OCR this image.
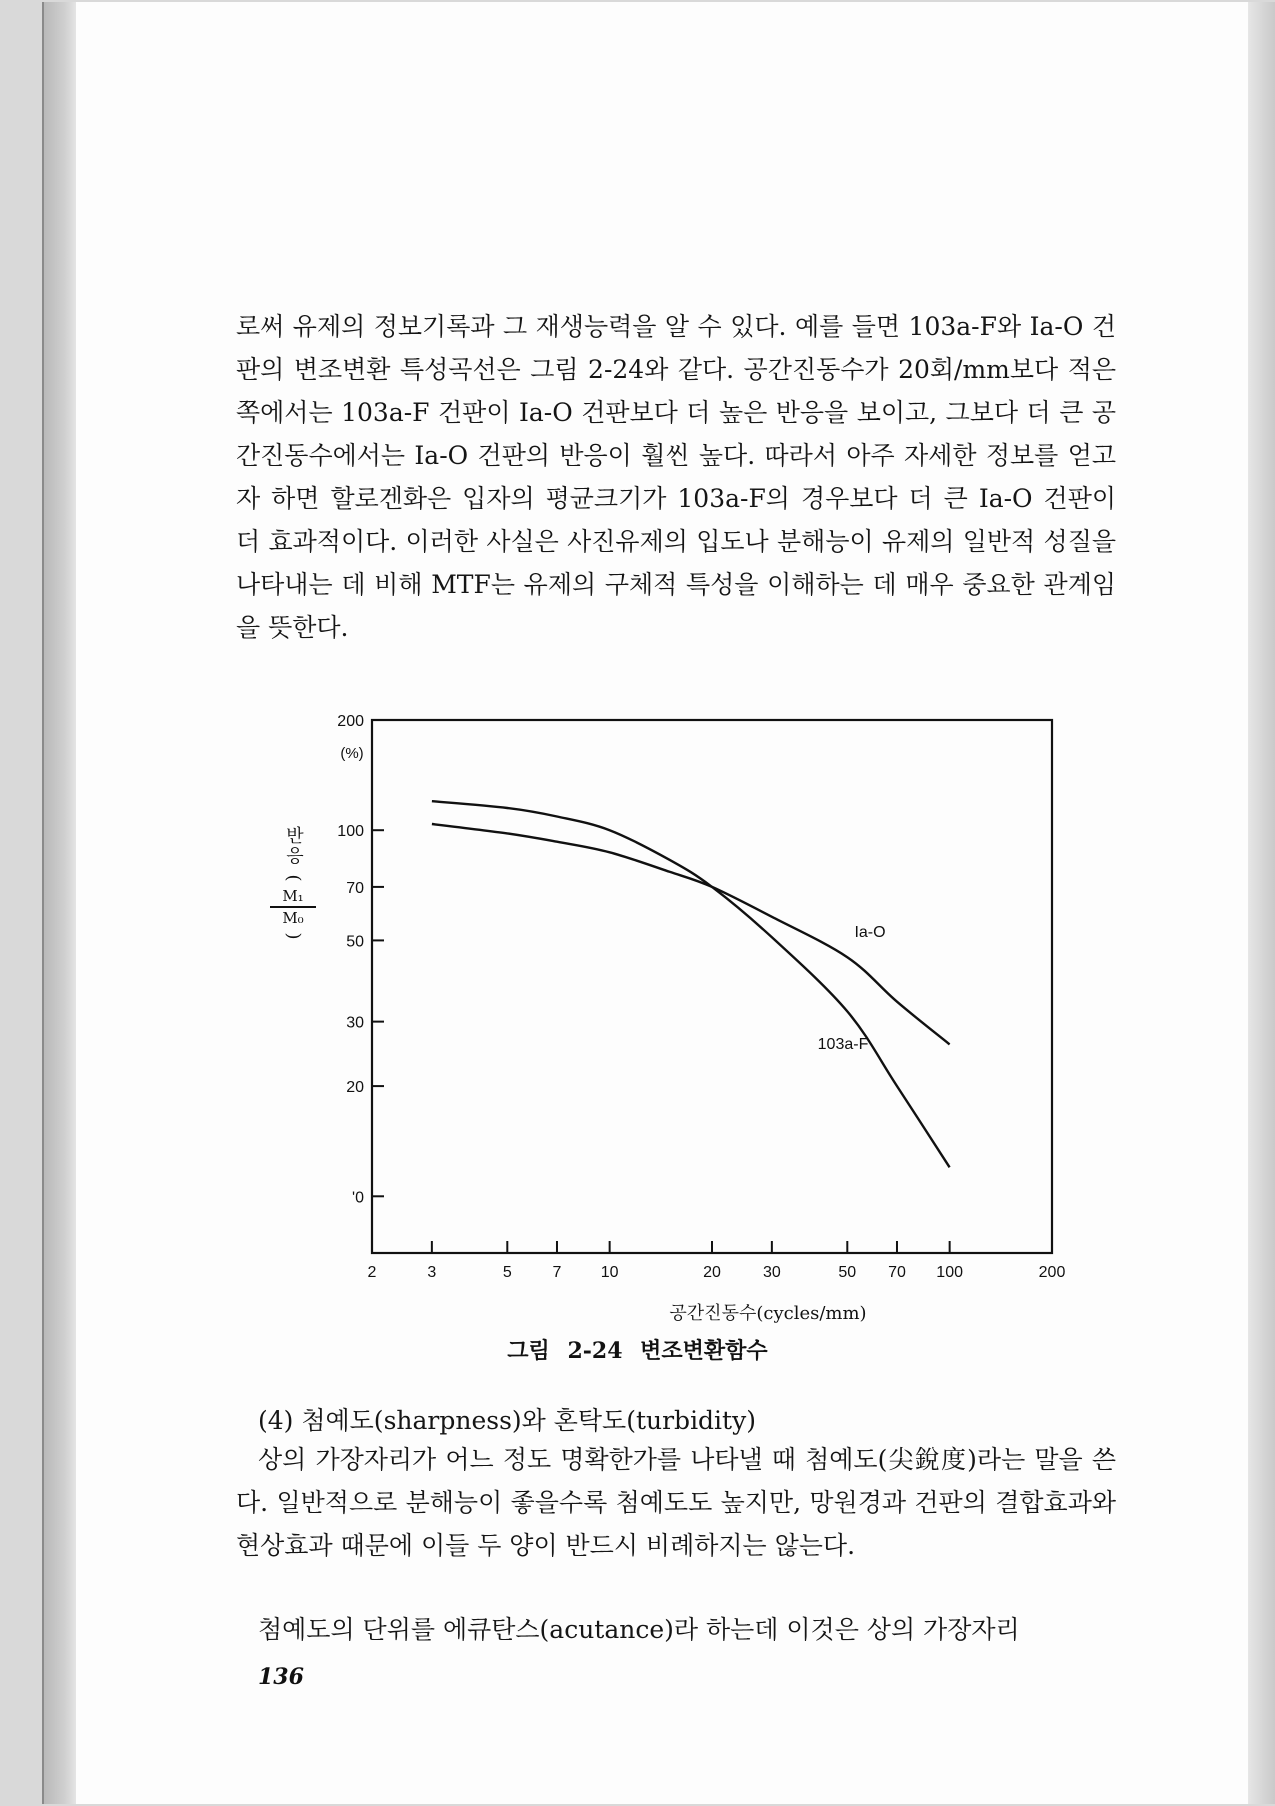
로써 유제의 정보기록과 그 재생능력을 알 수 있다. 예를 들면 103a-F와 Ia-O 건판의 변조변환 특성곡선은 그림 2-24와 같다. 공간진동수가 20회/mm보다 적은 쪽에서는 103a-F 건판이 Ia-O 건판보다 더 높은 반응을 보이고, 그보다 더 큰 공간진동수에서는 Ia-O 건판의 반응이 훨씬 높다. 따라서 아주 자세한 정보를 얻고자 하면 할로겐화은 입자의 평균크기가 103a-F의 경우보다 더 큰 Ia-O 건판이 더 효과적이다. 이러한 사실은 사진유제의 입도나 분해능이 유제의 일반적 성질을 나타내는 데 비해 MTF는 유제의 구체적 특성을 이해하는 데 매우 중요한 관계임을 뜻한다.

2	3	5	7 10	20	30	50 70 100	200
'0
20
30
50
70
100
200
Ia-O
103a-F
(%)
공간진동수(cycles/mm)
반응
(
M₁
M₀
)
그림 2-24 변조변환함수

(4) 첨예도(sharpness)와 혼탁도(turbidity)

상의 가장자리가 어느 정도 명확한가를 나타낼 때 첨예도(尖銳度)라는 말을 쓴다. 일반적으로 분해능이 좋을수록 첨예도도 높지만, 망원경과 건판의 결합효과와 현상효과 때문에 이들 두 양이 반드시 비례하지는 않는다.

첨예도의 단위를 에큐탄스(acutance)라 하는데 이것은 상의 가장자리

136
